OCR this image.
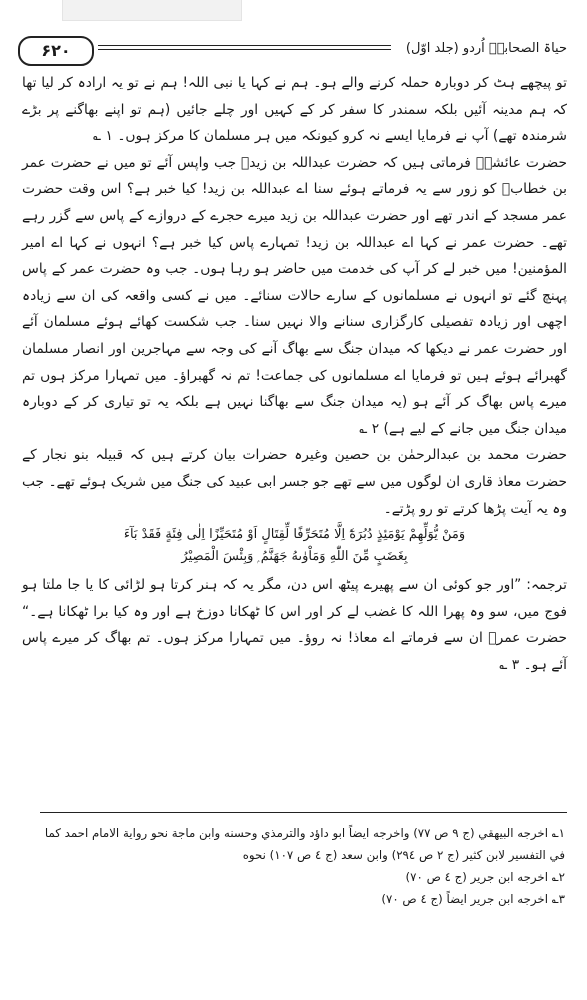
۶۲۰	حیاۃ الصحابہؓ اُردو (جلد اوّل)

تو پیچھے ہٹ کر دوبارہ حملہ کرنے والے ہو۔ ہم نے کہا یا نبی اللہ! ہم نے تو یہ ارادہ کر لیا تھا کہ ہم مدینہ آئیں بلکہ سمندر کا سفر کر کے کہیں اور چلے جائیں (ہم تو اپنے بھاگنے پر بڑے شرمندہ تھے) آپ نے فرمایا ایسے نہ کرو کیونکہ میں ہر مسلمان کا مرکز ہوں۔ ۱ ؎

حضرت عائشہؓ فرماتی ہیں کہ حضرت عبداللہ بن زیدؓ جب واپس آئے تو میں نے حضرت عمر بن خطابؓ کو زور سے یہ فرماتے ہوئے سنا اے عبداللہ بن زید! کیا خبر ہے؟ اس وقت حضرت عمر مسجد کے اندر تھے اور حضرت عبداللہ بن زید میرے حجرے کے دروازے کے پاس سے گزر رہے تھے۔ حضرت عمر نے کہا اے عبداللہ بن زید! تمہارے پاس کیا خبر ہے؟ انہوں نے کہا اے امیر المؤمنین! میں خبر لے کر آپ کی خدمت میں حاضر ہو رہا ہوں۔ جب وہ حضرت عمر کے پاس پہنچ گئے تو انہوں نے مسلمانوں کے سارے حالات سنائے۔ میں نے کسی واقعہ کی ان سے زیادہ اچھی اور زیادہ تفصیلی کارگزاری سنانے والا نہیں سنا۔ جب شکست کھائے ہوئے مسلمان آئے اور حضرت عمر نے دیکھا کہ میدان جنگ سے بھاگ آنے کی وجہ سے مہاجرین اور انصار مسلمان گھبرائے ہوئے ہیں تو فرمایا اے مسلمانوں کی جماعت! تم نہ گھبراؤ۔ میں تمہارا مرکز ہوں تم میرے پاس بھاگ کر آئے ہو (یہ میدان جنگ سے بھاگنا نہیں ہے بلکہ یہ تو تیاری کر کے دوبارہ میدان جنگ میں جانے کے لیے ہے) ۲ ؎

حضرت محمد بن عبدالرحمٰن بن حصین وغیرہ حضرات بیان کرتے ہیں کہ قبیلہ بنو نجار کے حضرت معاذ قاری ان لوگوں میں سے تھے جو جسر ابی عبید کی جنگ میں شریک ہوئے تھے۔ جب وہ یہ آیت پڑھا کرتے تو رو پڑتے۔

وَمَنْ يُّوَلِّهِمْ يَوْمَئِذٍ دُبُرَهٗٓ اِلَّا مُتَحَرِّفًا لِّقِتَالٍ اَوْ مُتَحَيِّزًا اِلٰى فِئَةٍ فَقَدْ بَآءَ
بِغَضَبٍ مِّنَ اللّٰهِ وَمَاْوٰىهُ جَهَنَّمُ ۭ وَبِئْسَ الْمَصِيْرُ

ترجمہ: ”اور جو کوئی ان سے پھیرے پیٹھ اس دن، مگر یہ کہ ہنر کرتا ہو لڑائی کا یا جا ملتا ہو فوج میں، سو وہ پھرا اللہ کا غضب لے کر اور اس کا ٹھکانا دوزخ ہے اور وہ کیا برا ٹھکانا ہے۔“ حضرت عمرؓ ان سے فرماتے اے معاذ! نہ روؤ۔ میں تمہارا مرکز ہوں۔ تم بھاگ کر میرے پاس آئے ہو۔ ۳ ؎

۱؎ اخرجه البيهقي (ج ۹ ص ۷۷) واخرجه ايضاً ابو داؤد والترمذي وحسنه وابن ماجة نحو رواية الامام احمد كما في التفسير لابن كثير (ج ۲ ص ۲۹٤) وابن سعد (ج ٤ ص ۱۰۷) نحوه

۲؎ اخرجه ابن جرير (ج ٤ ص ۷۰)

۳؎ اخرجه ابن جرير ايضاً (ج ٤ ص ۷۰)
